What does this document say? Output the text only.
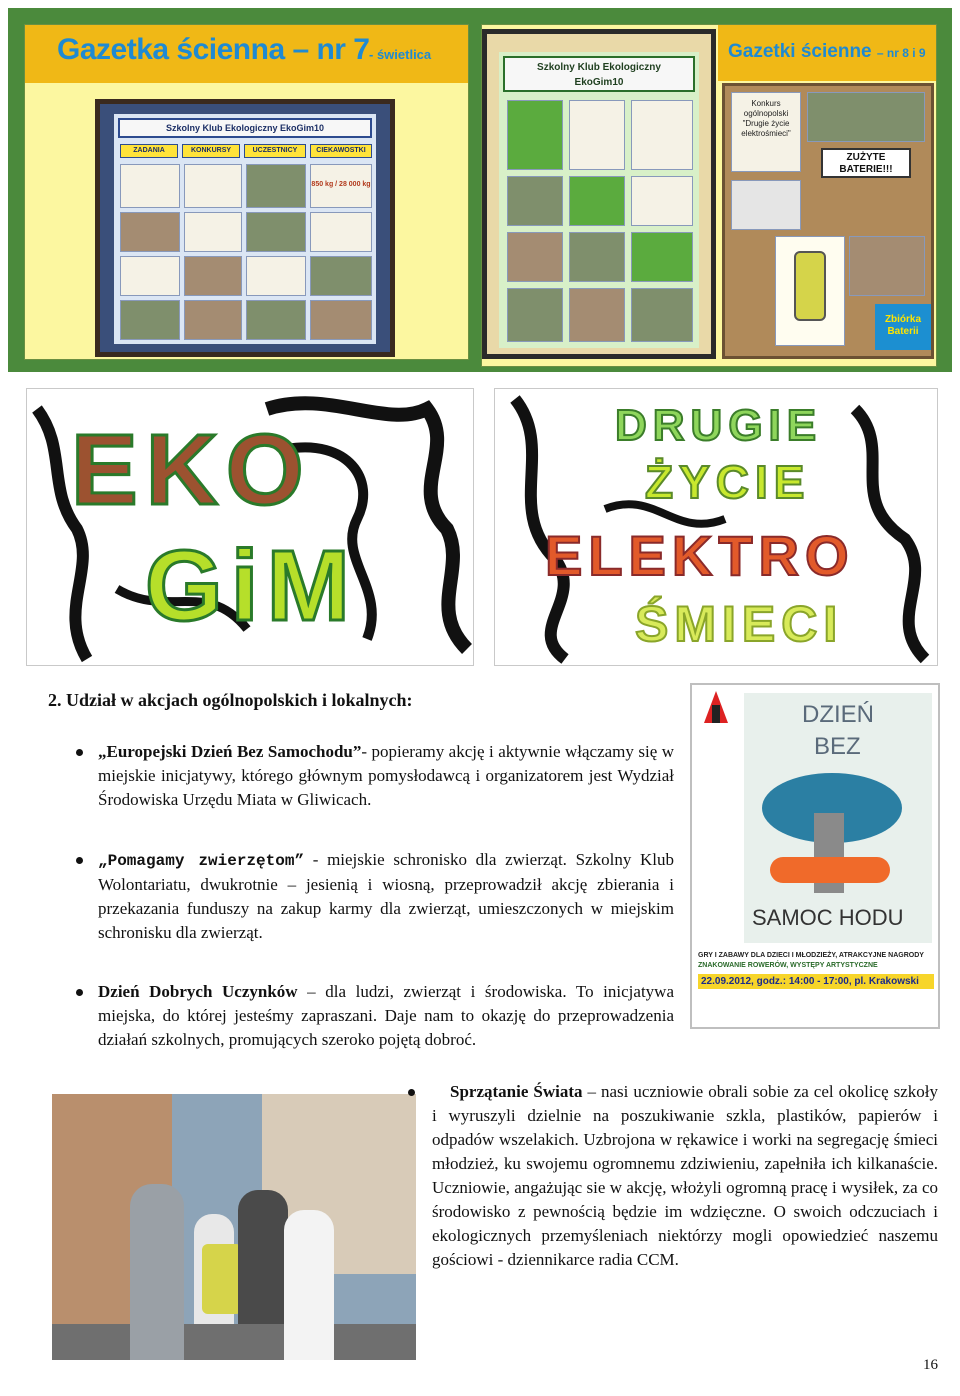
Gazetka ścienna – nr 7 - świetlica
Szkolny Klub Ekologiczny EkoGim10
ZADANIA	KONKURSY	UCZESTNICY	CIEKAWOSTKI
850 kg / 28 000 kg
Gazetki ścienne – nr 8 i 9
Szkolny Klub Ekologiczny
EkoGim10
Konkurs ogólnopolski "Drugie życie elektrośmieci"
ZUŻYTE BATERIE!!!
Zbiórka Baterii
EKO
GiM
DRUGIE
ŻYCIE
ELEKTRO
ŚMIECI
DZIEŃ
BEZ
SAMOC HODU
GRY I ZABAWY DLA DZIECI I MŁODZIEŻY, ATRAKCYJNE NAGRODY
ZNAKOWANIE ROWERÓW, WYSTĘPY ARTYSTYCZNE
22.09.2012, godz.: 14:00 - 17:00, pl. Krakowski
2. Udział w akcjach ogólnopolskich i lokalnych:
„Europejski Dzień Bez Samochodu”- popieramy akcję i aktywnie włączamy się w miejskie inicjatywy, którego głównym pomysłodawcą i organizatorem jest Wydział Środowiska Urzędu Miata w Gliwicach.
„Pomagamy zwierzętom” - miejskie schronisko dla zwierząt. Szkolny Klub Wolontariatu, dwukrotnie – jesienią i wiosną, przeprowadził akcję zbierania i przekazania funduszy na zakup karmy dla zwierząt, umieszczonych w miejskim schronisku dla zwierząt.
Dzień Dobrych Uczynków – dla ludzi, zwierząt i środowiska. To inicjatywa miejska, do której jesteśmy zapraszani. Daje nam to okazję do przeprowadzenia działań szkolnych, promujących szeroko pojętą dobroć.
Sprzątanie Świata – nasi uczniowie obrali sobie za cel okolicę szkoły i wyruszyli dzielnie na poszukiwanie szkla, plastików, papierów i odpadów wszelakich. Uzbrojona w rękawice i worki na segregację śmieci młodzież, ku swojemu ogromnemu zdziwieniu, zapełniła ich kilkanaście. Uczniowie, angażując sie w akcję, włożyli ogromną pracę i wysiłek, za co środowisko z pewnością będzie im wdzięczne. O swoich odczuciach i ekologicznych przemyśleniach niektórzy mogli opowiedzieć naszemu gościowi - dziennikarce radia CCM.
16
